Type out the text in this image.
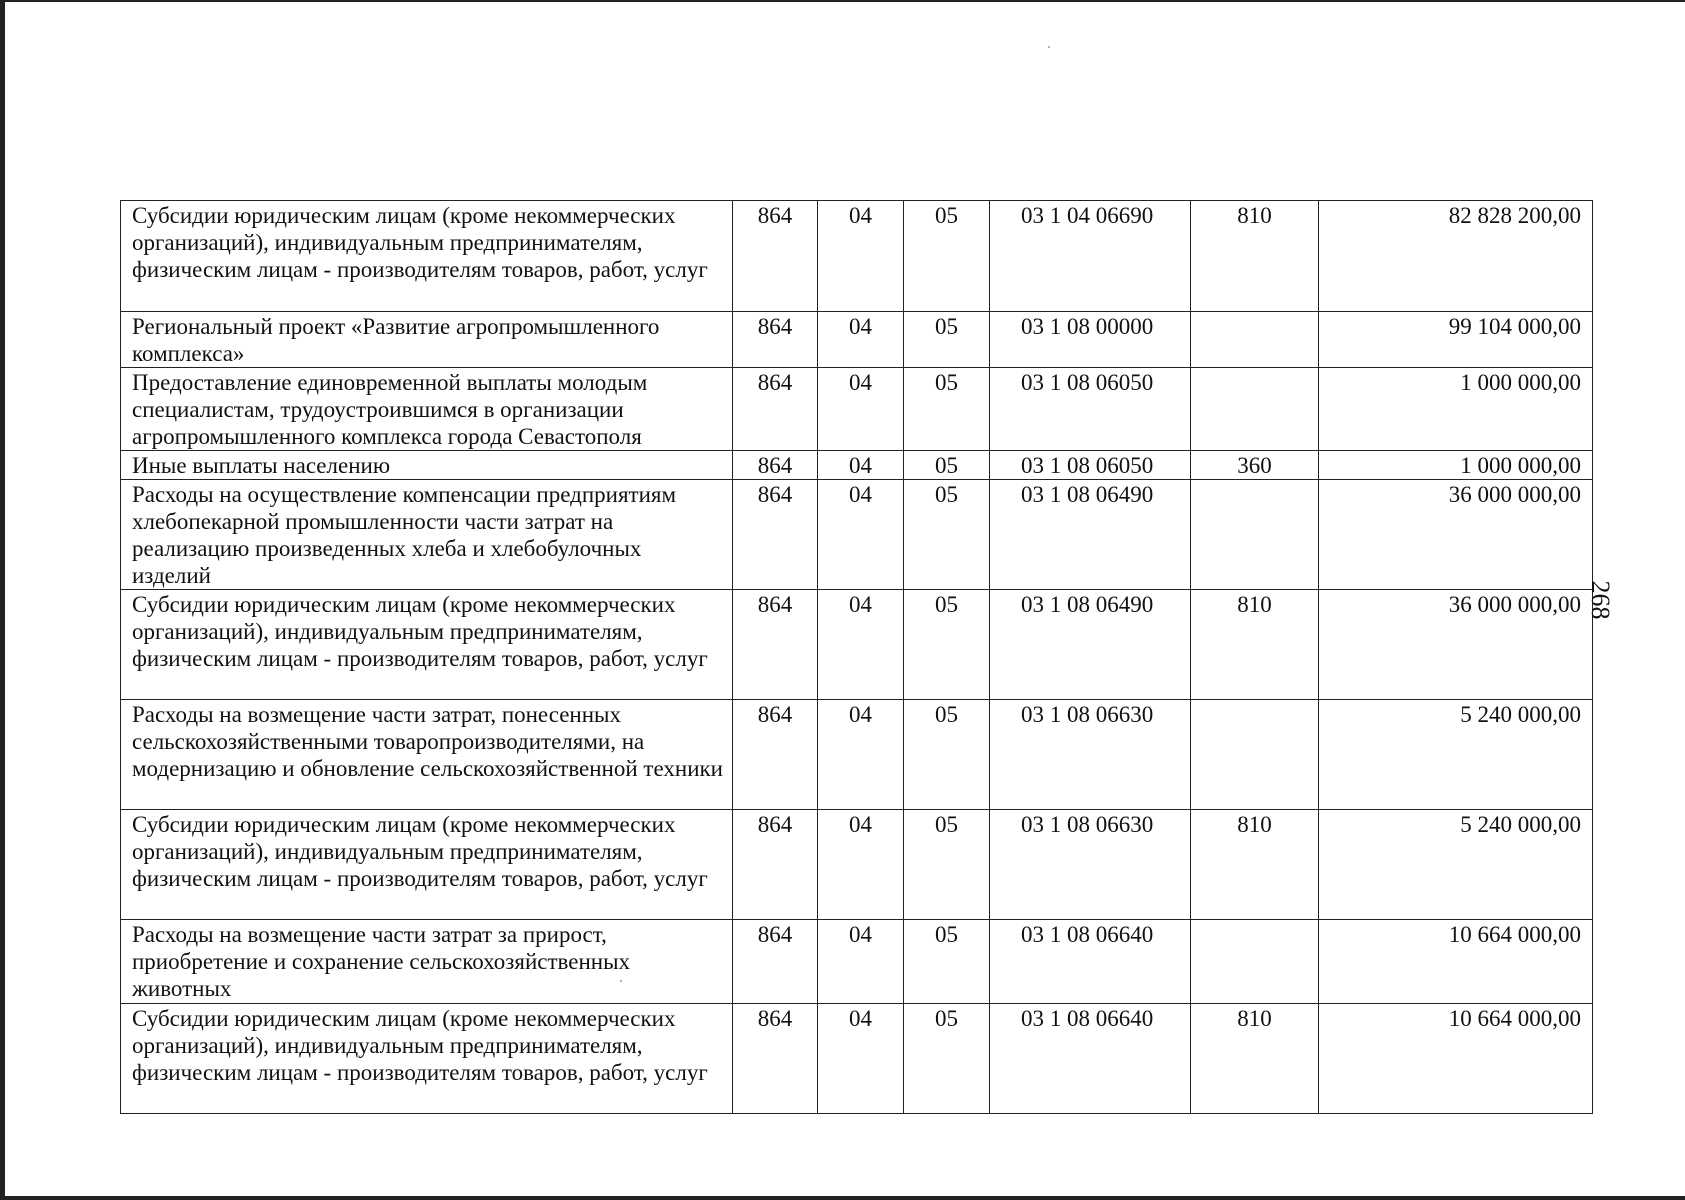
Субсидии юридическим лицам (кроме некоммерческих организаций), индивидуальным предпринимателям, физическим лицам - производителям товаров, работ, услуг	864	04	05	03 1 04 06690	810	82 828 200,00
Региональный проект «Развитие агропромышленного комплекса»	864	04	05	03 1 08 00000		99 104 000,00
Предоставление единовременной выплаты молодым специалистам, трудоустроившимся в организации агропромышленного комплекса города Севастополя	864	04	05	03 1 08 06050		1 000 000,00
Иные выплаты населению	864	04	05	03 1 08 06050	360	1 000 000,00
Расходы на осуществление компенсации предприятиям хлебопекарной промышленности части затрат на реализацию произведенных хлеба и хлебобулочных изделий	864	04	05	03 1 08 06490		36 000 000,00
Субсидии юридическим лицам (кроме некоммерческих организаций), индивидуальным предпринимателям, физическим лицам - производителям товаров, работ, услуг	864	04	05	03 1 08 06490	810	36 000 000,00
Расходы на возмещение части затрат, понесенных сельскохозяйственными товаропроизводителями, на модернизацию и обновление сельскохозяйственной техники	864	04	05	03 1 08 06630		5 240 000,00
Субсидии юридическим лицам (кроме некоммерческих организаций), индивидуальным предпринимателям, физическим лицам - производителям товаров, работ, услуг	864	04	05	03 1 08 06630	810	5 240 000,00
Расходы на возмещение части затрат за прирост, приобретение и сохранение сельскохозяйственных животных	864	04	05	03 1 08 06640		10 664 000,00
Субсидии юридическим лицам (кроме некоммерческих организаций), индивидуальным предпринимателям, физическим лицам - производителям товаров, работ, услуг	864	04	05	03 1 08 06640	810	10 664 000,00
268
